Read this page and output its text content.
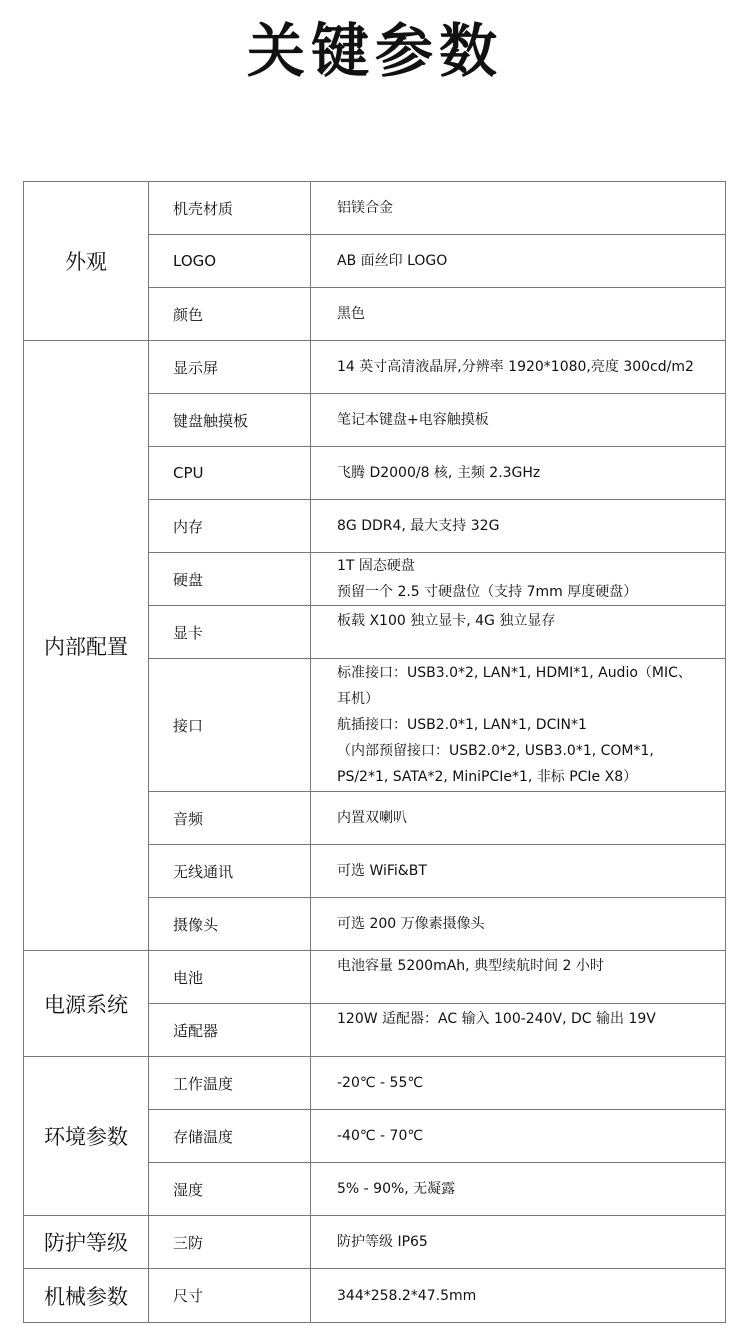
关键参数
外观	机壳材质	铝镁合金

	LOGO	AB 面丝印 LOGO

	颜色	黑色

内部配置	显示屏	14 英寸高清液晶屏,分辨率 1920*1080,亮度 300cd/m2

	键盘触摸板	笔记本键盘+电容触摸板

	CPU	飞腾 D2000/8 核, 主频 2.3GHz

	内存	8G DDR4, 最大支持 32G

	硬盘	1T 固态硬盘
预留一个 2.5 寸硬盘位（支持 7mm 厚度硬盘）

	显卡	板载 X100 独立显卡, 4G 独立显存

	接口	标准接口：USB3.0*2, LAN*1, HDMI*1, Audio（MIC、
耳机）
航插接口：USB2.0*1, LAN*1, DCIN*1
（内部预留接口：USB2.0*2, USB3.0*1, COM*1,
PS/2*1, SATA*2, MiniPCIe*1, 非标 PCIe X8）

	音频	内置双喇叭

	无线通讯	可选 WiFi&BT

	摄像头	可选 200 万像素摄像头

电源系统	电池	电池容量 5200mAh, 典型续航时间 2 小时

	适配器	120W 适配器：AC 输入 100-240V, DC 输出 19V

环境参数	工作温度	-20℃ - 55℃

	存储温度	-40℃ - 70℃

	湿度	5% - 90%, 无凝露

防护等级	三防	防护等级 IP65

机械参数	尺寸	344*258.2*47.5mm
